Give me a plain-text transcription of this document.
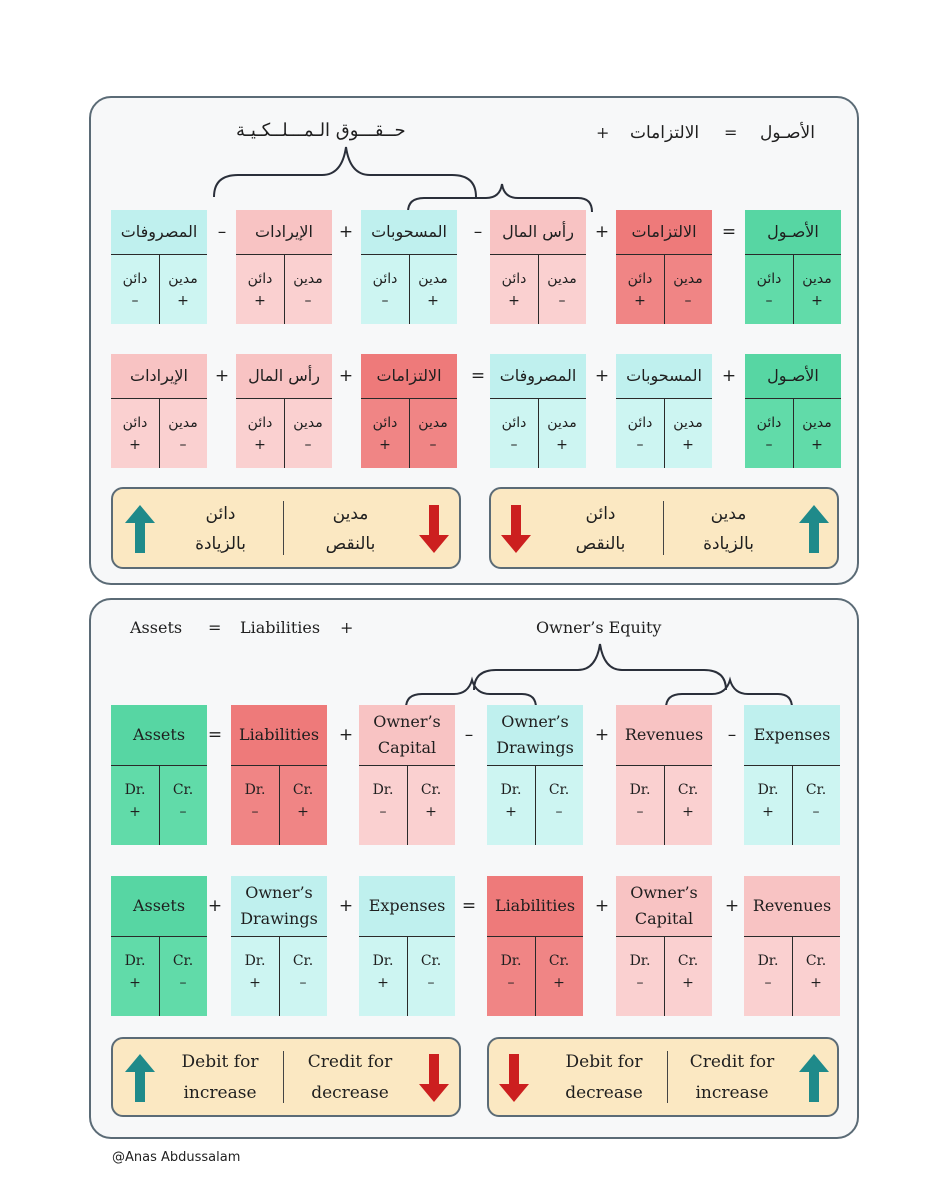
الأصـول
=
الالتزامات
+
حــقـــوق الـمـــلــكـيـة
Assets = Liabilities +	Owner’s Equity
الأصـول
مدين
+
دائن
–
الالتزامات
مدين
–
دائن
+
رأس المال
مدين
–
دائن
+
المسحوبات
مدين
+
دائن
–
الإيرادات
مدين
–
دائن
+
المصروفات
مدين
+
دائن
–
=
+
–
+
–
الأصـول
مدين
+
دائن
–
المسحوبات
مدين
+
دائن
–
المصروفات
مدين
+
دائن
–
الالتزامات
مدين
–
دائن
+
رأس المال
مدين
–
دائن
+
الإيرادات
مدين
–
دائن
+
+
+
=
+
+
Assets
Dr.
+
Cr.
–
Liabilities
Dr.
–
Cr.
+
Owner’s Capital
Dr.
–
Cr.
+
Owner’s Drawings
Dr.
+
Cr.
–
Revenues
Dr.
–
Cr.
+
Expenses
Dr.
+
Cr.
–
=	+	–	+	–
Assets
Dr.
+
Cr.
–
Owner’s Drawings
Dr.
+
Cr.
–
Expenses
Dr.
+
Cr.
–
Liabilities
Dr.
–
Cr.
+
Owner’s Capital
Dr.
–
Cr.
+
Revenues
Dr.
–
Cr.
+
+	+	=	+	+
دائن
بالزيادة
مدين
بالنقص
دائن
بالنقص
مدين
بالزيادة
Debit for
increase
Credit for
decrease
Debit for
decrease
Credit for
increase
@Anas Abdussalam
